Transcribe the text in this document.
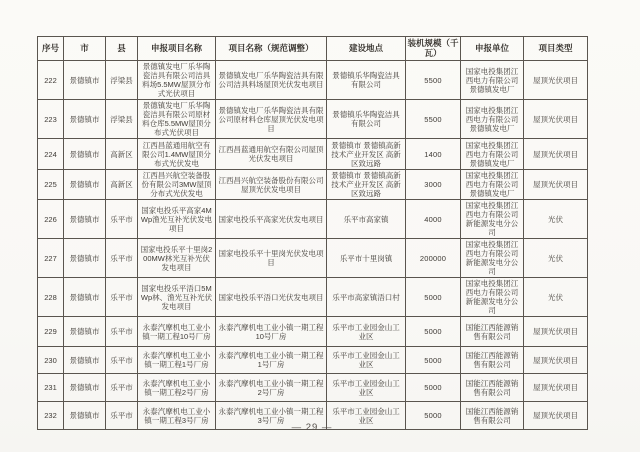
序号	市	县	申报项目名称	项目名称（规范调整）	建设地点	装机规模（千瓦）	申报单位	项目类型
222	景德镇市	浮梁县	景德镇发电厂乐华陶瓷洁具有限公司洁具料场5.5MW屋顶分布式光伏项目	景德镇发电厂乐华陶瓷洁具有限公司洁具料场屋顶光伏发电项目	景德镇乐华陶瓷洁具有限公司	5500	国家电投集团江西电力有限公司景德镇发电厂	屋顶光伏项目
223	景德镇市	浮梁县	景德镇发电厂乐华陶瓷洁具有限公司原材料仓库5.5MW屋顶分布式光伏项目	景德镇发电厂乐华陶瓷洁具有限公司原材料仓库屋顶光伏发电项目	景德镇乐华陶瓷洁具有限公司	5500	国家电投集团江西电力有限公司景德镇发电厂	屋顶光伏项目
224	景德镇市	高新区	江西昌蓝通用航空有限公司1.4MW屋顶分布式光伏发电	江西昌蓝通用航空有限公司屋顶光伏发电项目	景德镇市 景德镇高新技术产业开发区 高新区致远路	1400	国家电投集团江西电力有限公司景德镇发电厂	屋顶光伏项目
225	景德镇市	高新区	江西昌兴航空装备股份有限公司3MW屋顶分布式光伏发电	江西昌兴航空装备股份有限公司屋顶光伏发电项目	景德镇市 景德镇高新技术产业开发区 高新区致远路	3000	国家电投集团江西电力有限公司景德镇发电厂	屋顶光伏项目
226	景德镇市	乐平市	国家电投乐平高家4MWp渔光互补光伏发电项目	国家电投乐平高家光伏发电项目	乐平市高家镇	4000	国家电投集团江西电力有限公司新能源发电分公司	光伏
227	景德镇市	乐平市	国家电投乐平十里岗200MW林光互补光伏发电项目	国家电投乐平十里岗光伏发电项目	乐平市十里岗镇	200000	国家电投集团江西电力有限公司新能源发电分公司	光伏
228	景德镇市	乐平市	国家电投乐平浯口5MWp林、渔光互补光伏发电项目	国家电投乐平浯口光伏发电项目	乐平市高家镇浯口村	5000	国家电投集团江西电力有限公司新能源发电分公司	光伏
229	景德镇市	乐平市	永泰汽摩机电工业小镇一期工程10号厂房	永泰汽摩机电工业小镇一期工程10号厂房	乐平市工业园金山工业区	5000	国能江西能源销售有限公司	屋顶光伏项目
230	景德镇市	乐平市	永泰汽摩机电工业小镇一期工程1号厂房	永泰汽摩机电工业小镇一期工程1号厂房	乐平市工业园金山工业区	5000	国能江西能源销售有限公司	屋顶光伏项目
231	景德镇市	乐平市	永泰汽摩机电工业小镇一期工程2号厂房	永泰汽摩机电工业小镇一期工程2号厂房	乐平市工业园金山工业区	5000	国能江西能源销售有限公司	屋顶光伏项目
232	景德镇市	乐平市	永泰汽摩机电工业小镇一期工程3号厂房	永泰汽摩机电工业小镇一期工程3号厂房	乐平市工业园金山工业区	5000	国能江西能源销售有限公司	屋顶光伏项目
— 29 —
